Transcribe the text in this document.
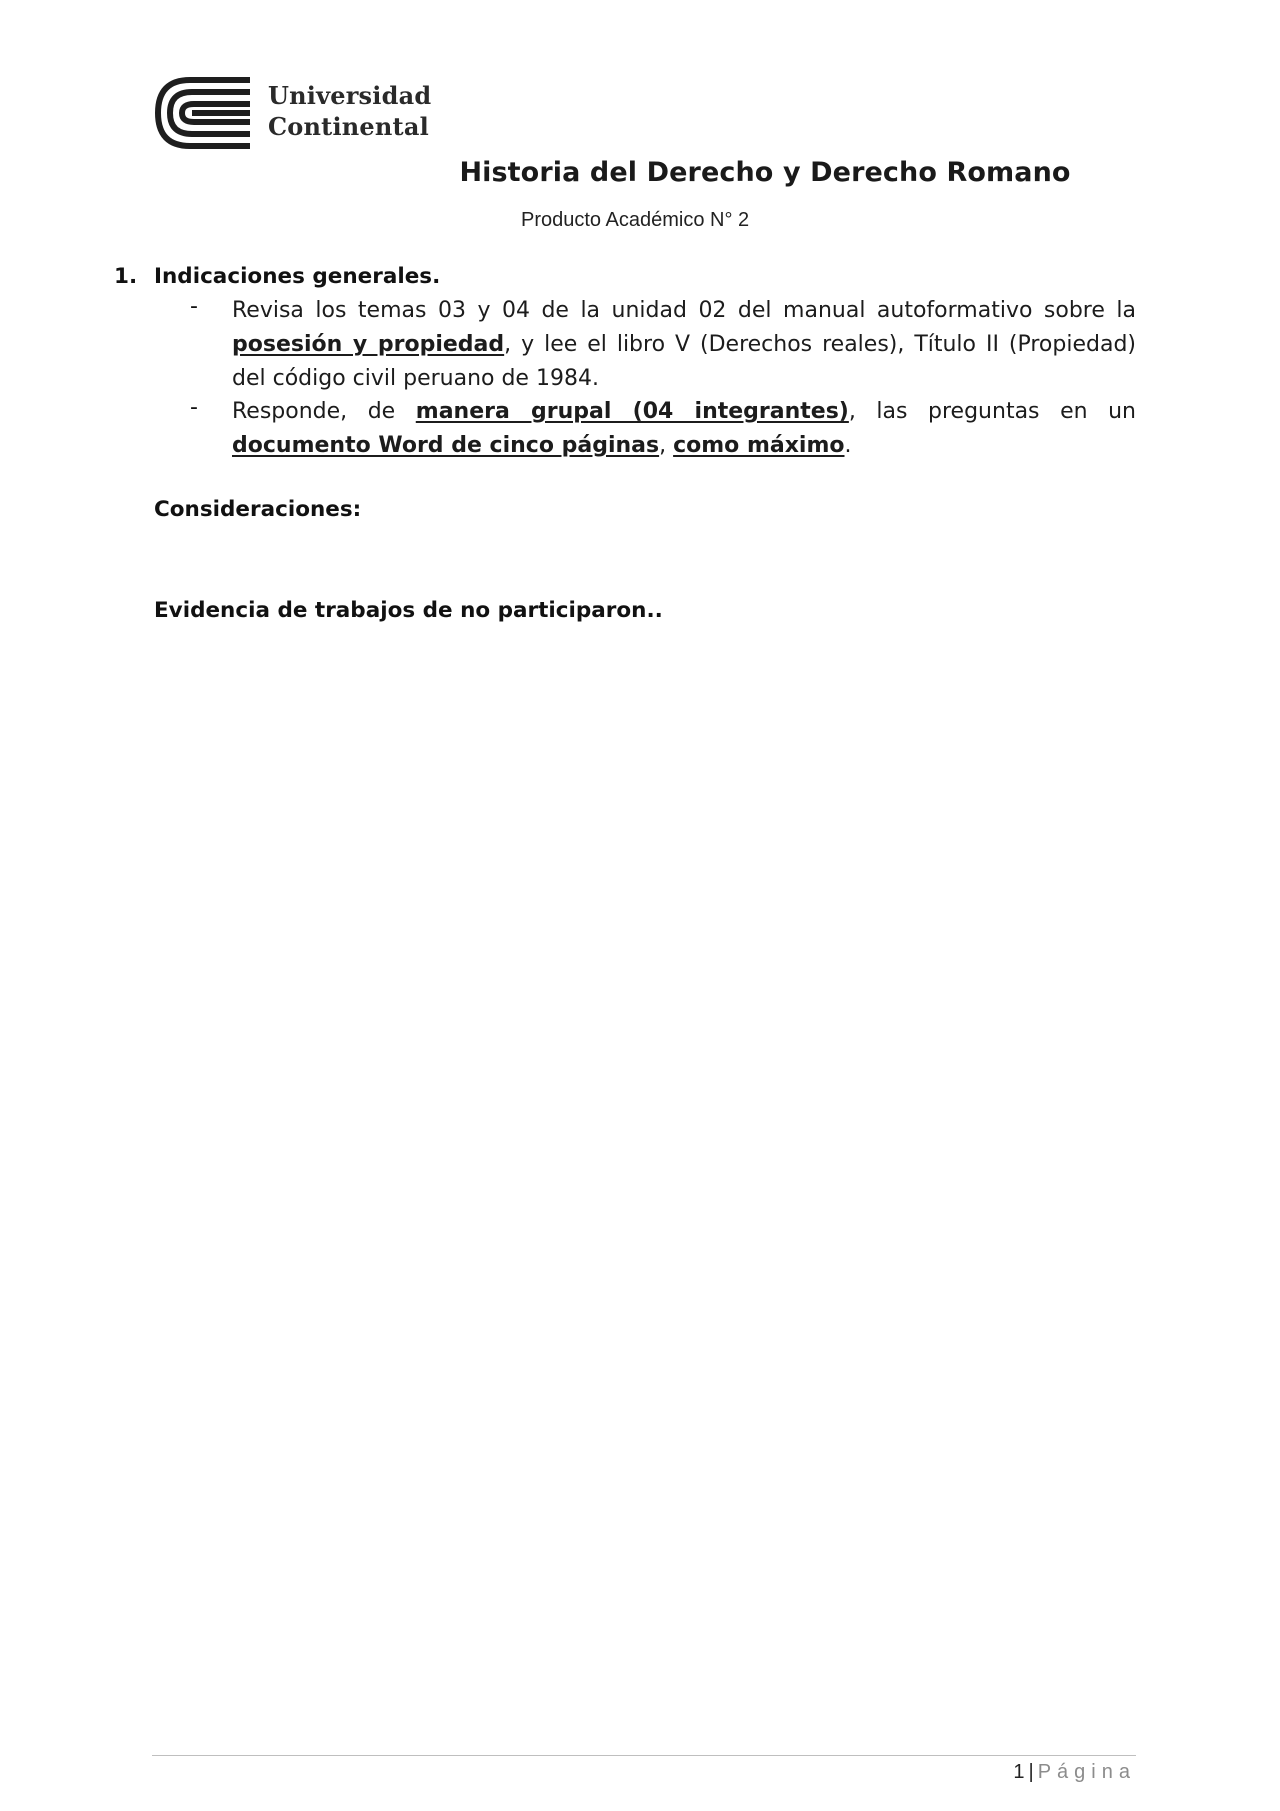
Universidad
Continental
Historia del Derecho y Derecho Romano
Producto Académico N° 2
1. Indicaciones generales.
- Revisa los temas 03 y 04 de la unidad 02 del manual autoformativo sobre la posesión y propiedad, y lee el libro V (Derechos reales), Título II (Propiedad) del código civil peruano de 1984.
- Responde, de manera grupal (04 integrantes), las preguntas en un documento Word de cinco páginas, como máximo.
Consideraciones:
Evidencia de trabajos de no participaron..
1 | Página
